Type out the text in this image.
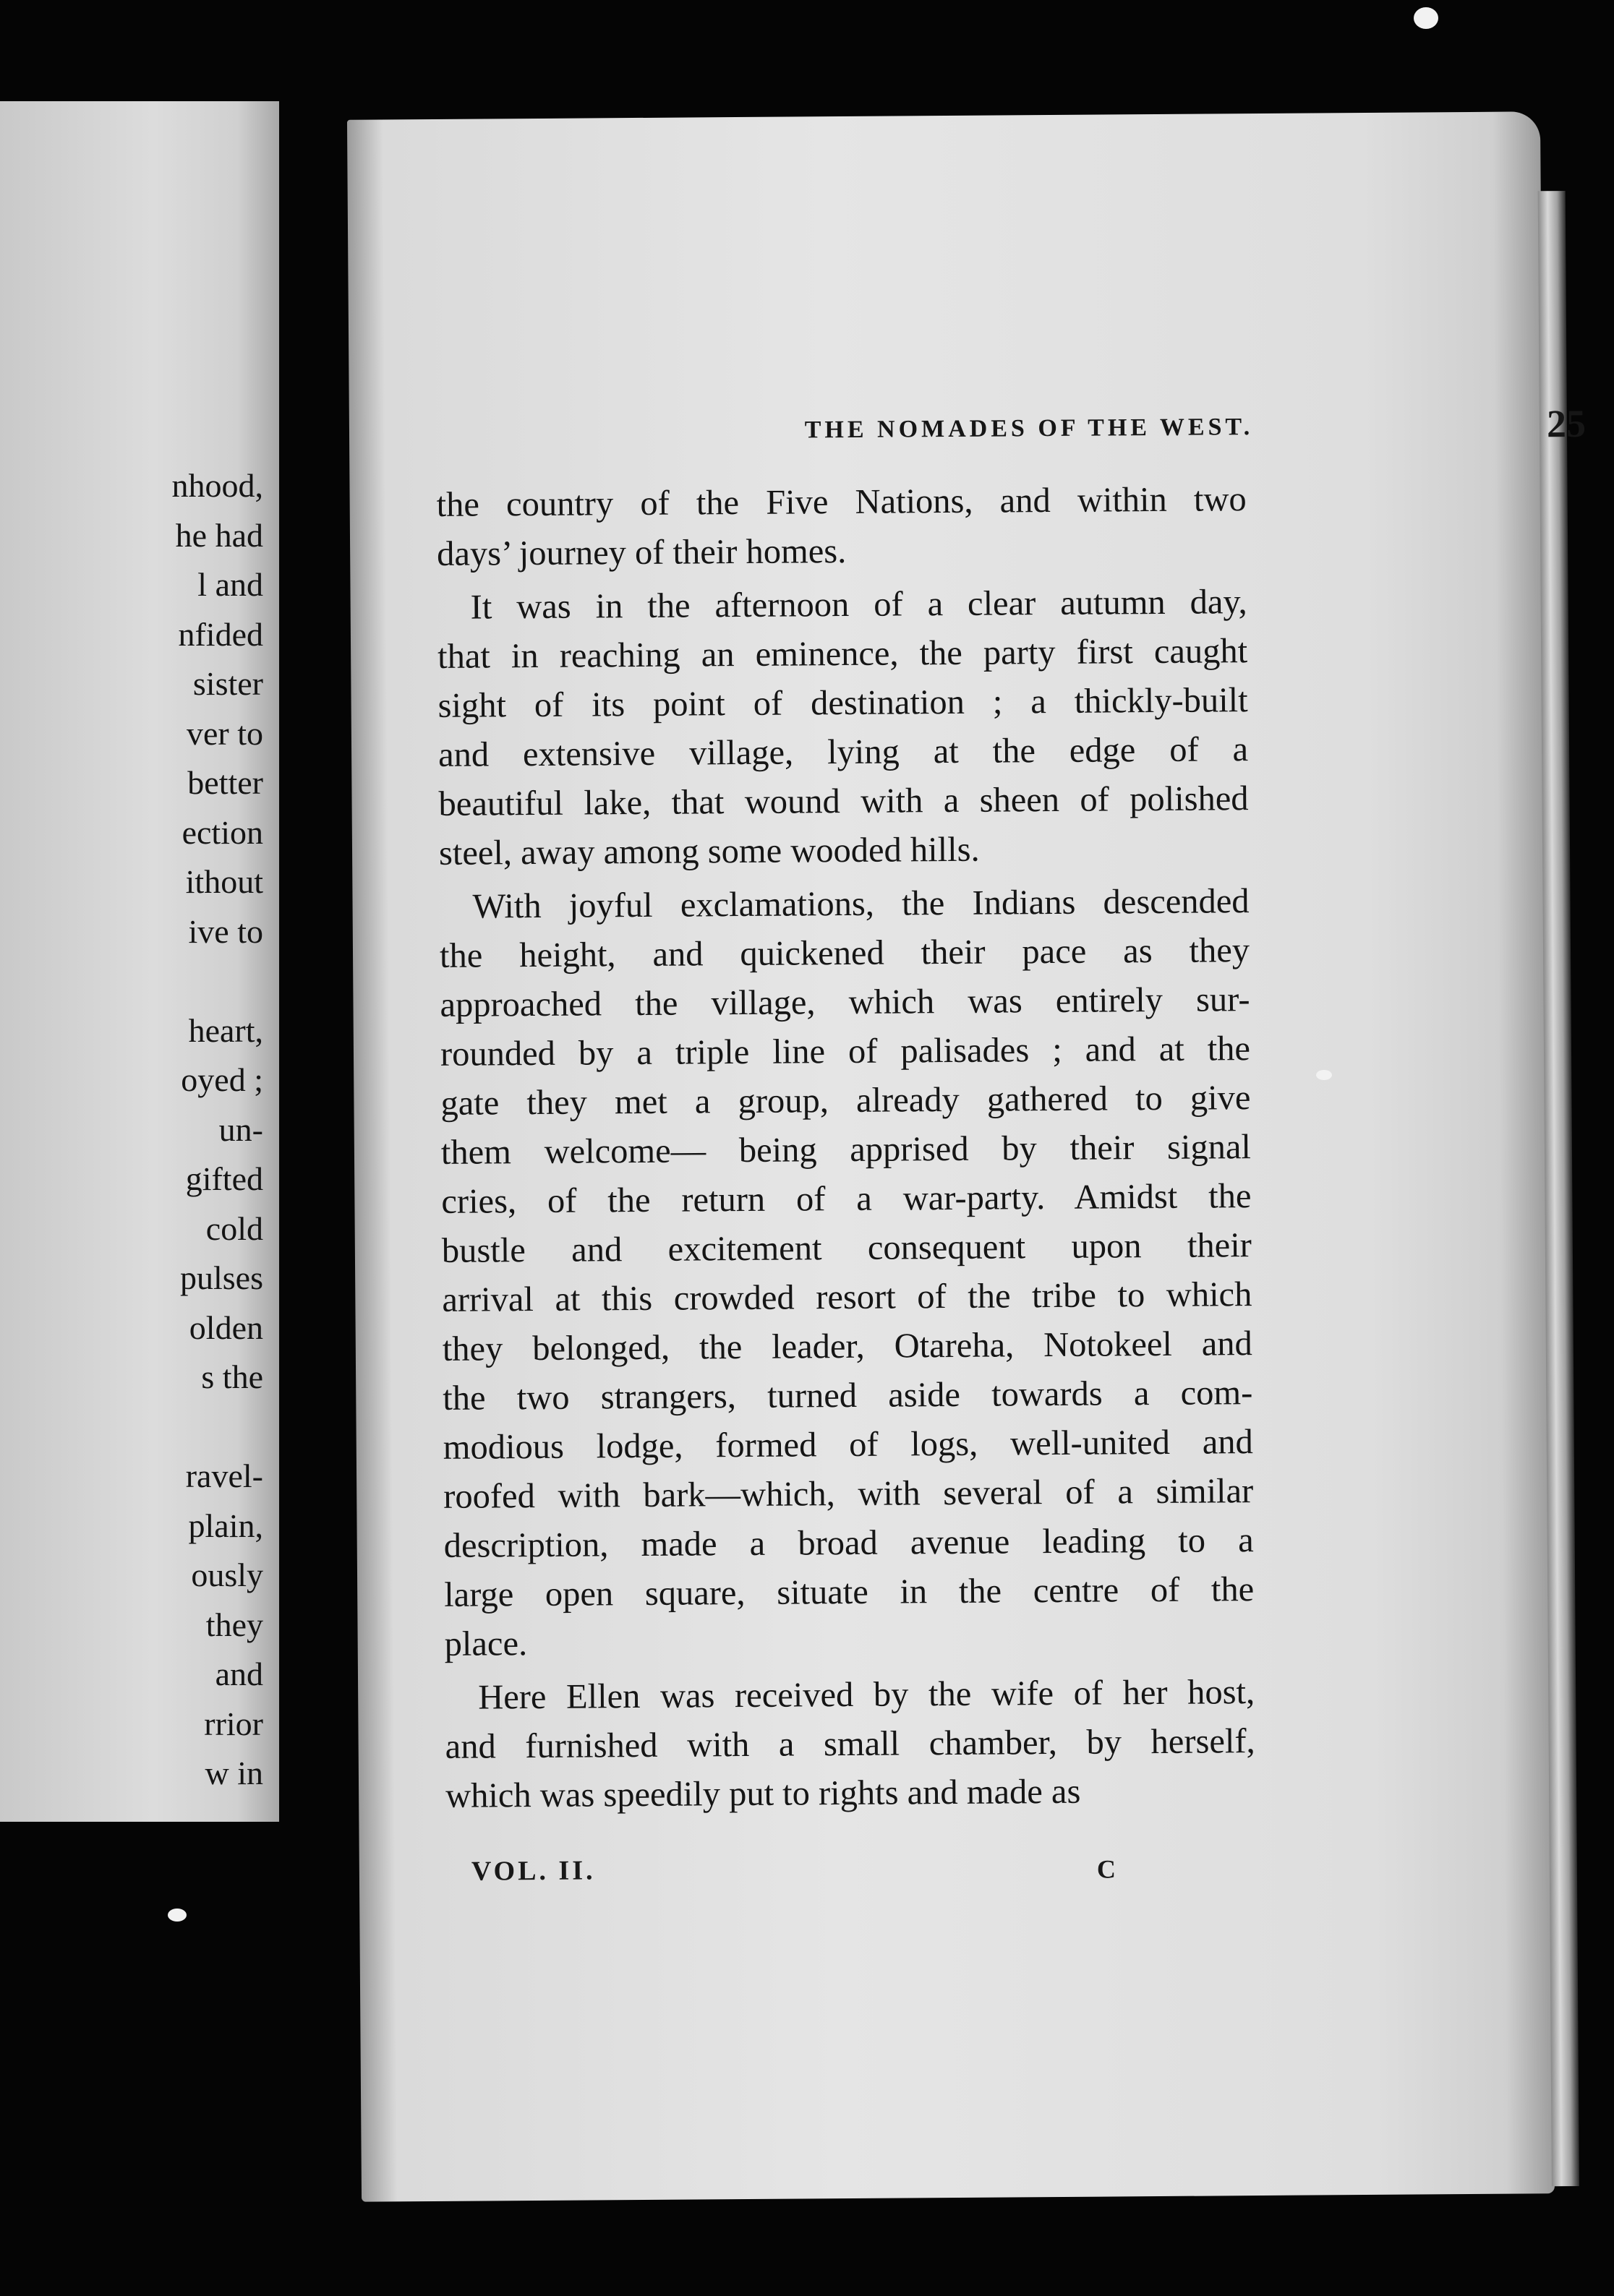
nhood,
he had
l and
nfided
sister
ver to
better
ection
ithout
ive to
heart,
oyed ;
un-
gifted
cold
pulses
olden
s the
ravel-
plain,
ously
they
and
rrior
w in
THE NOMADES OF THE WEST.	25
the country of the Five Nations, and within two
days’ journey of their homes.
It was in the afternoon of a clear autumn day,
that in reaching an eminence, the party first caught
sight of its point of destination ; a thickly-built
and extensive village, lying at the edge of a
beautiful lake, that wound with a sheen of polished
steel, away among some wooded hills.
With joyful exclamations, the Indians descended
the height, and quickened their pace as they
approached the village, which was entirely sur-
rounded by a triple line of palisades ; and at the
gate they met a group, already gathered to give
them welcome— being apprised by their signal
cries, of the return of a war-party. Amidst the
bustle and excitement consequent upon their
arrival at this crowded resort of the tribe to which
they belonged, the leader, Otareha, Notokeel and
the two strangers, turned aside towards a com-
modious lodge, formed of logs, well-united and
roofed with bark—which, with several of a similar
description, made a broad avenue leading to a
large open square, situate in the centre of the
place.
Here Ellen was received by the wife of her host,
and furnished with a small chamber, by herself,
which was speedily put to rights and made as
VOL. II.	C
